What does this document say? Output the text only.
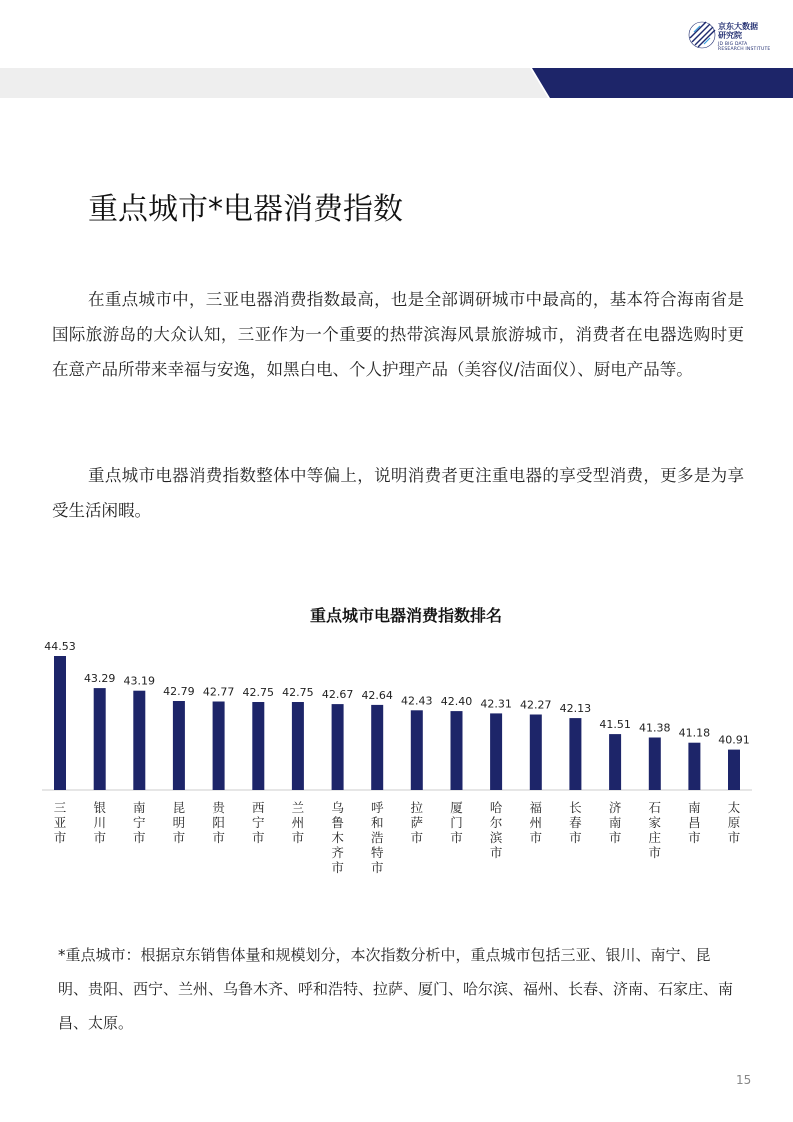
京东大数据
研究院
JD BIG DATA
RESEARCH INSTITUTE
重点城市*电器消费指数

在重点城市中，三亚电器消费指数最高，也是全部调研城市中最高的，基本符合海南省是国际旅游岛的大众认知，三亚作为一个重要的热带滨海风景旅游城市，消费者在电器选购时更在意产品所带来幸福与安逸，如黑白电、个人护理产品（美容仪/洁面仪）、厨电产品等。

重点城市电器消费指数整体中等偏上，说明消费者更注重电器的享受型消费，更多是为享受生活闲暇。

重点城市电器消费指数排名
44.53
三亚市
43.29
银川市
43.19
南宁市
42.79
昆明市
42.77
贵阳市
42.75
西宁市
42.75
兰州市
42.67
乌鲁木齐市
42.64
呼和浩特市
42.43
拉萨市
42.40
厦门市
42.31
哈尔滨市
42.27
福州市
42.13
长春市
41.51
济南市
41.38
石家庄市
41.18
南昌市
40.91
太原市

*重点城市：根据京东销售体量和规模划分，本次指数分析中，重点城市包括三亚、银川、南宁、昆明、贵阳、西宁、兰州、乌鲁木齐、呼和浩特、拉萨、厦门、哈尔滨、福州、长春、济南、石家庄、南昌、太原。

15
